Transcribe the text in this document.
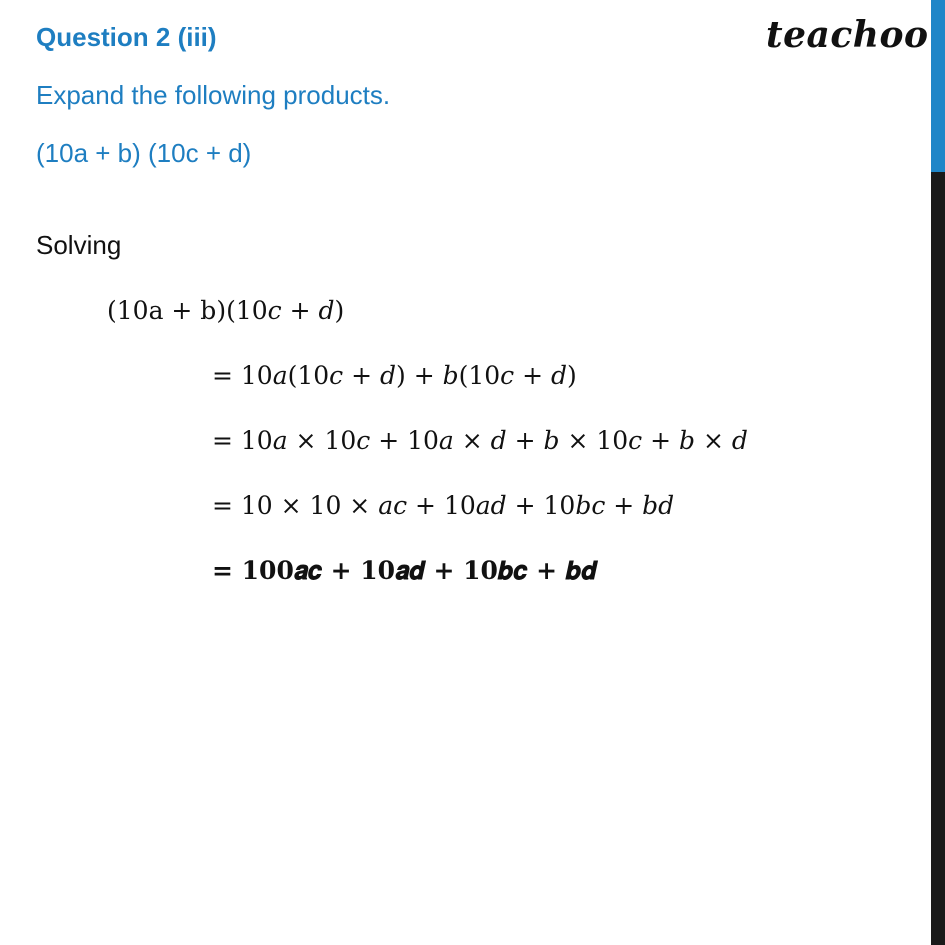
teachoo
Question 2 (iii)
Expand the following products.
(10a + b) (10c + d)
Solving
(10a + b)(10𝑐 + 𝑑)
= 10𝑎(10𝑐 + 𝑑) + 𝑏(10𝑐 + 𝑑)
= 10𝑎 × 10𝑐 + 10𝑎 × 𝑑 + 𝑏 × 10𝑐 + 𝑏 × 𝑑
= 10 × 10 × 𝑎𝑐 + 10𝑎𝑑 + 10𝑏𝑐 + 𝑏𝑑
= 100𝒂𝒄 + 10𝒂𝒅 + 10𝒃𝒄 + 𝒃𝒅
